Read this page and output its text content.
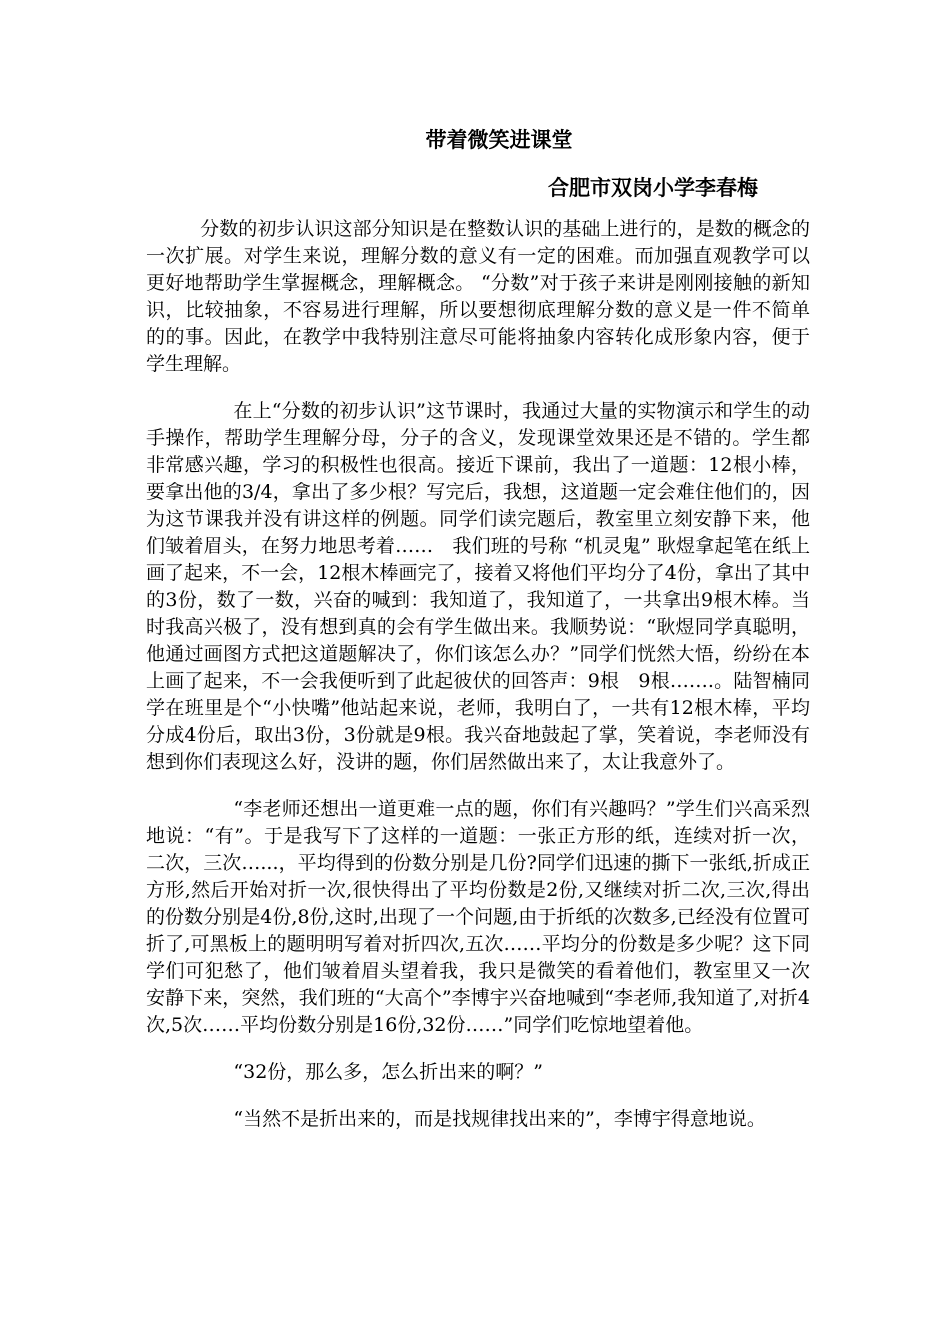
带着微笑进课堂
合肥市双岗小学李春梅

分数的初步认识这部分知识是在整数认识的基础上进行的，是数的概念的一次扩展。对学生来说，理解分数的意义有一定的困难。而加强直观教学可以更好地帮助学生掌握概念，理解概念。 “分数”对于孩子来讲是刚刚接触的新知识，比较抽象，不容易进行理解，所以要想彻底理解分数的意义是一件不简单的的事。因此，在教学中我特别注意尽可能将抽象内容转化成形象内容，便于学生理解。

在上“分数的初步认识”这节课时，我通过大量的实物演示和学生的动手操作，帮助学生理解分母，分子的含义，发现课堂效果还是不错的。学生都非常感兴趣，学习的积极性也很高。接近下课前，我出了一道题：12根小棒，要拿出他的3/4，拿出了多少根？写完后，我想，这道题一定会难住他们的，因为这节课我并没有讲这样的例题。同学们读完题后，教室里立刻安静下来，他们皱着眉头，在努力地思考着……　我们班的号称 “机灵鬼” 耿煜拿起笔在纸上画了起来，不一会，12根木棒画完了，接着又将他们平均分了4份，拿出了其中的3份，数了一数，兴奋的喊到：我知道了，我知道了，一共拿出9根木棒。当时我高兴极了，没有想到真的会有学生做出来。我顺势说：“耿煜同学真聪明，他通过画图方式把这道题解决了，你们该怎么办？”同学们恍然大悟，纷纷在本上画了起来，不一会我便听到了此起彼伏的回答声：9根　9根…….。陆智楠同学在班里是个“小快嘴”他站起来说，老师，我明白了，一共有12根木棒，平均分成4份后，取出3份，3份就是9根。我兴奋地鼓起了掌，笑着说，李老师没有想到你们表现这么好，没讲的题，你们居然做出来了，太让我意外了。

“李老师还想出一道更难一点的题，你们有兴趣吗？”学生们兴高采烈地说：“有”。于是我写下了这样的一道题：一张正方形的纸，连续对折一次，二次，三次…...，平均得到的份数分别是几份?同学们迅速的撕下一张纸,折成正方形,然后开始对折一次,很快得出了平均份数是2份,又继续对折二次,三次,得出的份数分别是4份,8份,这时,出现了一个问题,由于折纸的次数多,已经没有位置可折了,可黑板上的题明明写着对折四次,五次……平均分的份数是多少呢？这下同学们可犯愁了，他们皱着眉头望着我，我只是微笑的看着他们，教室里又一次安静下来，突然，我们班的“大高个”李博宇兴奋地喊到“李老师,我知道了,对折4次,5次……平均份数分别是16份,32份……”同学们吃惊地望着他。

“32份，那么多，怎么折出来的啊？”

“当然不是折出来的，而是找规律找出来的”，李博宇得意地说。
